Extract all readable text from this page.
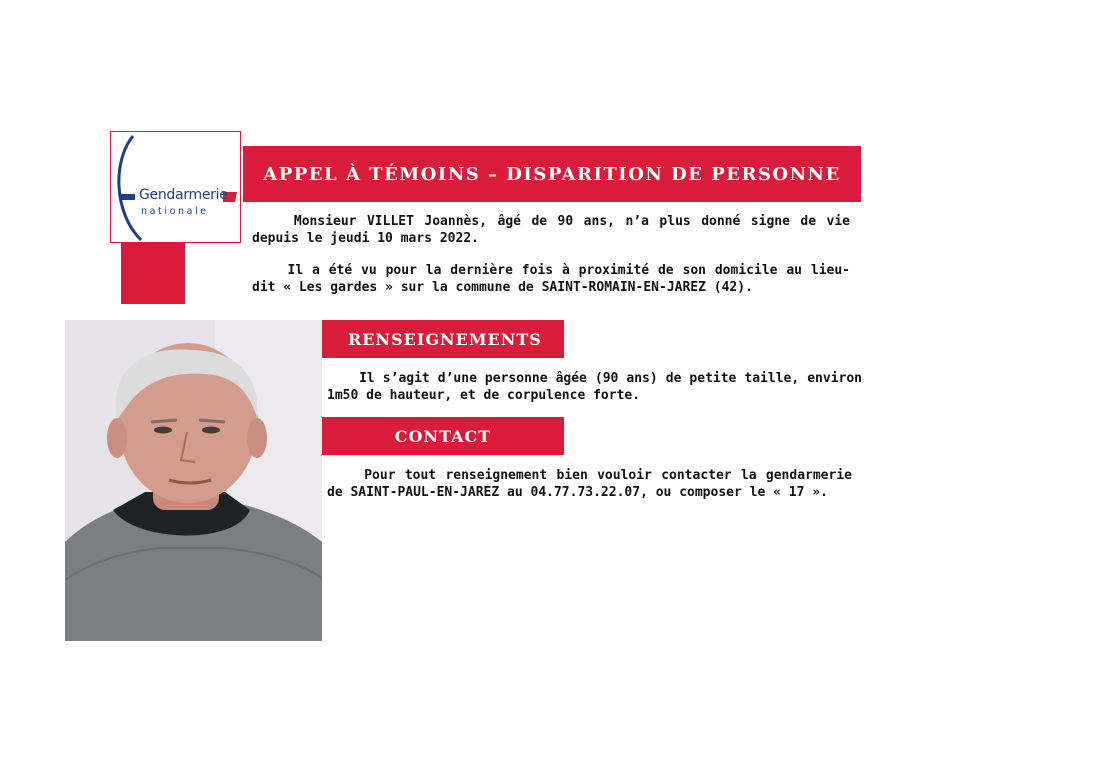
Gendarmerie
nationale
APPEL À TÉMOINS – DISPARITION DE PERSONNE

Monsieur VILLET Joannès, âgé de 90 ans, n’a plus donné signe de vie depuis le jeudi 10 mars 2022.

Il a été vu pour la dernière fois à proximité de son domicile au lieu-dit « Les gardes » sur la commune de SAINT-ROMAIN-EN-JAREZ (42).

RENSEIGNEMENTS

Il s’agit d’une personne âgée (90 ans) de petite taille, environ 1m50 de hauteur, et de corpulence forte.

CONTACT

Pour tout renseignement bien vouloir contacter la gendarmerie de SAINT-PAUL-EN-JAREZ au 04.77.73.22.07, ou composer le « 17 ».
